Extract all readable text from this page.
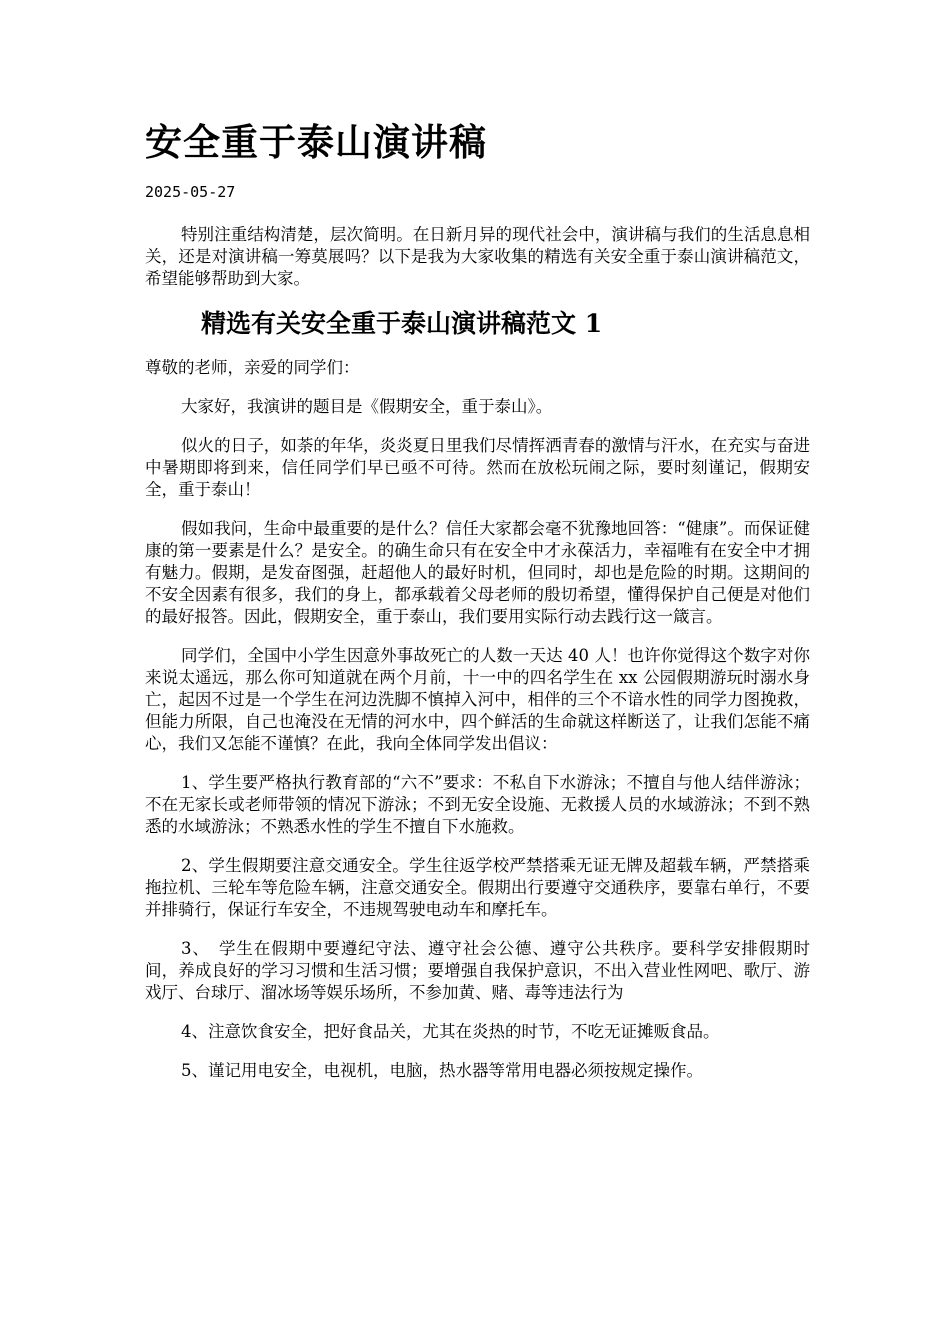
安全重于泰山演讲稿
2025-05-27

特别注重结构清楚，层次简明。在日新月异的现代社会中，演讲稿与我们的生活息息相关，还是对演讲稿一筹莫展吗？以下是我为大家收集的精选有关安全重于泰山演讲稿范文，希望能够帮助到大家。

精选有关安全重于泰山演讲稿范文 1

尊敬的老师，亲爱的同学们：

大家好，我演讲的题目是《假期安全，重于泰山》。

似火的日子，如荼的年华，炎炎夏日里我们尽情挥洒青春的激情与汗水，在充实与奋进中暑期即将到来，信任同学们早已亟不可待。然而在放松玩闹之际，要时刻谨记，假期安全，重于泰山！

假如我问，生命中最重要的是什么？信任大家都会毫不犹豫地回答：“健康”。而保证健康的第一要素是什么？是安全。的确生命只有在安全中才永葆活力，幸福唯有在安全中才拥有魅力。假期，是发奋图强，赶超他人的最好时机，但同时，却也是危险的时期。这期间的不安全因素有很多，我们的身上，都承载着父母老师的殷切希望，懂得保护自己便是对他们的最好报答。因此，假期安全，重于泰山，我们要用实际行动去践行这一箴言。

同学们，全国中小学生因意外事故死亡的人数一天达 40 人！也许你觉得这个数字对你来说太遥远，那么你可知道就在两个月前，十一中的四名学生在 xx 公园假期游玩时溺水身亡，起因不过是一个学生在河边洗脚不慎掉入河中，相伴的三个不谙水性的同学力图挽救，但能力所限，自己也淹没在无情的河水中，四个鲜活的生命就这样断送了，让我们怎能不痛心，我们又怎能不谨慎？在此，我向全体同学发出倡议：

1、学生要严格执行教育部的“六不”要求：不私自下水游泳；不擅自与他人结伴游泳；不在无家长或老师带领的情况下游泳；不到无安全设施、无救援人员的水域游泳；不到不熟悉的水域游泳；不熟悉水性的学生不擅自下水施救。

2、学生假期要注意交通安全。学生往返学校严禁搭乘无证无牌及超载车辆，严禁搭乘拖拉机、三轮车等危险车辆，注意交通安全。假期出行要遵守交通秩序，要靠右单行，不要并排骑行，保证行车安全，不违规驾驶电动车和摩托车。

3、　学生在假期中要遵纪守法、遵守社会公德、遵守公共秩序。要科学安排假期时间，养成良好的学习习惯和生活习惯；要增强自我保护意识，不出入营业性网吧、歌厅、游戏厅、台球厅、溜冰场等娱乐场所，不参加黄、赌、毒等违法行为

4、注意饮食安全，把好食品关，尤其在炎热的时节，不吃无证摊贩食品。

5、谨记用电安全，电视机，电脑，热水器等常用电器必须按规定操作。
